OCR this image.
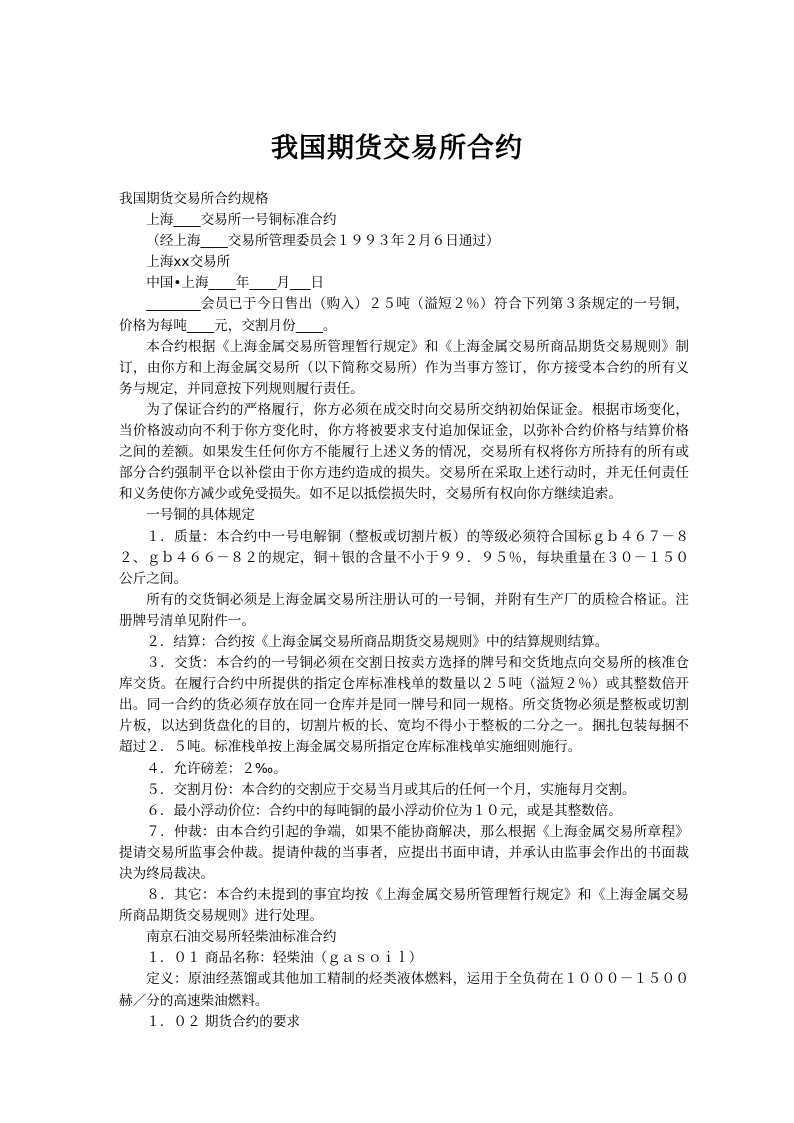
我国期货交易所合约

我国期货交易所合约规格

上海____交易所一号铜标准合约

（经上海____交易所管理委员会１９９３年２月６日通过）

上海xx交易所

中国•上海____年____月___日

________会员已于今日售出（购入）２５吨（溢短２％）符合下列第３条规定的一号铜，价格为每吨____元，交割月份____。

本合约根据《上海金属交易所管理暂行规定》和《上海金属交易所商品期货交易规则》制订，由你方和上海金属交易所（以下简称交易所）作为当事方签订，你方接受本合约的所有义务与规定，并同意按下列规则履行责任。

为了保证合约的严格履行，你方必须在成交时向交易所交纳初始保证金。根据市场变化，当价格波动向不利于你方变化时，你方将被要求支付追加保证金，以弥补合约价格与结算价格之间的差额。如果发生任何你方不能履行上述义务的情况，交易所有权将你方所持有的所有或部分合约强制平仓以补偿由于你方违约造成的损失。交易所在采取上述行动时，并无任何责任和义务使你方减少或免受损失。如不足以抵偿损失时，交易所有权向你方继续追索。

一号铜的具体规定

１．质量：本合约中一号电解铜（整板或切割片板）的等级必须符合国标ｇｂ４６７－８２、ｇｂ４６６－８２的规定，铜＋银的含量不小于９９．９５％，每块重量在３０－１５０公斤之间。

所有的交货铜必须是上海金属交易所注册认可的一号铜，并附有生产厂的质检合格证。注册牌号清单见附件一。

２．结算：合约按《上海金属交易所商品期货交易规则》中的结算规则结算。

３．交货：本合约的一号铜必须在交割日按卖方选择的牌号和交货地点向交易所的核准仓库交货。在履行合约中所提供的指定仓库标准栈单的数量以２５吨（溢短２％）或其整数倍开出。同一合约的货必须存放在同一仓库并是同一牌号和同一规格。所交货物必须是整板或切割片板，以达到货盘化的目的，切割片板的长、宽均不得小于整板的二分之一。捆扎包装每捆不超过２．５吨。标准栈单按上海金属交易所指定仓库标准栈单实施细则施行。

４．允许磅差：２‰。

５．交割月份：本合约的交割应于交易当月或其后的任何一个月，实施每月交割。

６．最小浮动价位：合约中的每吨铜的最小浮动价位为１０元，或是其整数倍。

７．仲裁：由本合约引起的争端，如果不能协商解决，那么根据《上海金属交易所章程》提请交易所监事会仲裁。提请仲裁的当事者，应提出书面申请，并承认由监事会作出的书面裁决为终局裁决。

８．其它：本合约未提到的事宜均按《上海金属交易所管理暂行规定》和《上海金属交易所商品期货交易规则》进行处理。

南京石油交易所轻柴油标准合约

１．０１ 商品名称：轻柴油（ｇａｓｏｉｌ）

定义：原油经蒸馏或其他加工精制的烃类液体燃料，运用于全负荷在１０００－１５００赫／分的高速柴油燃料。

１．０２ 期货合约的要求
